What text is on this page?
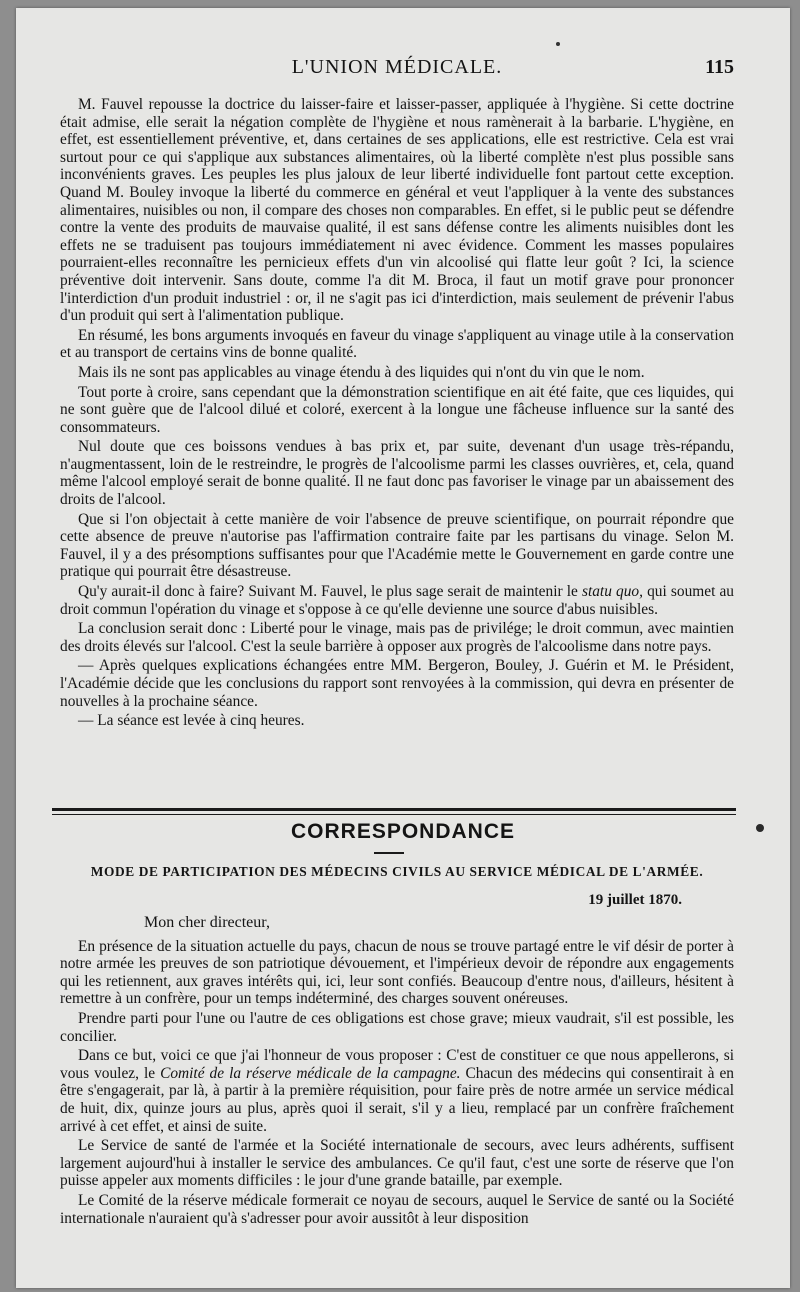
L'UNION MÉDICALE.	115

M. Fauvel repousse la doctrice du laisser-faire et laisser-passer, appliquée à l'hygiène. Si cette doctrine était admise, elle serait la négation complète de l'hygiène et nous ramènerait à la barbarie. L'hygiène, en effet, est essentiellement préventive, et, dans certaines de ses applications, elle est restrictive. Cela est vrai surtout pour ce qui s'applique aux substances alimentaires, où la liberté complète n'est plus possible sans inconvénients graves. Les peuples les plus jaloux de leur liberté individuelle font partout cette exception. Quand M. Bouley invoque la liberté du commerce en général et veut l'appliquer à la vente des substances alimentaires, nuisibles ou non, il compare des choses non comparables. En effet, si le public peut se défendre contre la vente des produits de mauvaise qualité, il est sans défense contre les aliments nuisibles dont les effets ne se traduisent pas toujours immédiatement ni avec évidence. Comment les masses populaires pourraient-elles reconnaître les pernicieux effets d'un vin alcoolisé qui flatte leur goût ? Ici, la science préventive doit intervenir. Sans doute, comme l'a dit M. Broca, il faut un motif grave pour prononcer l'interdiction d'un produit industriel : or, il ne s'agit pas ici d'interdiction, mais seulement de prévenir l'abus d'un produit qui sert à l'alimentation publique.

En résumé, les bons arguments invoqués en faveur du vinage s'appliquent au vinage utile à la conservation et au transport de certains vins de bonne qualité.

Mais ils ne sont pas applicables au vinage étendu à des liquides qui n'ont du vin que le nom.

Tout porte à croire, sans cependant que la démonstration scientifique en ait été faite, que ces liquides, qui ne sont guère que de l'alcool dilué et coloré, exercent à la longue une fâcheuse influence sur la santé des consommateurs.

Nul doute que ces boissons vendues à bas prix et, par suite, devenant d'un usage très-répandu, n'augmentassent, loin de le restreindre, le progrès de l'alcoolisme parmi les classes ouvrières, et, cela, quand même l'alcool employé serait de bonne qualité. Il ne faut donc pas favoriser le vinage par un abaissement des droits de l'alcool.

Que si l'on objectait à cette manière de voir l'absence de preuve scientifique, on pourrait répondre que cette absence de preuve n'autorise pas l'affirmation contraire faite par les partisans du vinage. Selon M. Fauvel, il y a des présomptions suffisantes pour que l'Académie mette le Gouvernement en garde contre une pratique qui pourrait être désastreuse.

Qu'y aurait-il donc à faire? Suivant M. Fauvel, le plus sage serait de maintenir le statu quo, qui soumet au droit commun l'opération du vinage et s'oppose à ce qu'elle devienne une source d'abus nuisibles.

La conclusion serait donc : Liberté pour le vinage, mais pas de privilége; le droit commun, avec maintien des droits élevés sur l'alcool. C'est la seule barrière à opposer aux progrès de l'alcoolisme dans notre pays.

— Après quelques explications échangées entre MM. Bergeron, Bouley, J. Guérin et M. le Président, l'Académie décide que les conclusions du rapport sont renvoyées à la commission, qui devra en présenter de nouvelles à la prochaine séance.

— La séance est levée à cinq heures.

CORRESPONDANCE
MODE DE PARTICIPATION DES MÉDECINS CIVILS AU SERVICE MÉDICAL DE L'ARMÉE.
19 juillet 1870.

Mon cher directeur,

En présence de la situation actuelle du pays, chacun de nous se trouve partagé entre le vif désir de porter à notre armée les preuves de son patriotique dévouement, et l'impérieux devoir de répondre aux engagements qui les retiennent, aux graves intérêts qui, ici, leur sont confiés. Beaucoup d'entre nous, d'ailleurs, hésitent à remettre à un confrère, pour un temps indéterminé, des charges souvent onéreuses.

Prendre parti pour l'une ou l'autre de ces obligations est chose grave; mieux vaudrait, s'il est possible, les concilier.

Dans ce but, voici ce que j'ai l'honneur de vous proposer : C'est de constituer ce que nous appellerons, si vous voulez, le Comité de la réserve médicale de la campagne. Chacun des médecins qui consentirait à en être s'engagerait, par là, à partir à la première réquisition, pour faire près de notre armée un service médical de huit, dix, quinze jours au plus, après quoi il serait, s'il y a lieu, remplacé par un confrère fraîchement arrivé à cet effet, et ainsi de suite.

Le Service de santé de l'armée et la Société internationale de secours, avec leurs adhérents, suffisent largement aujourd'hui à installer le service des ambulances. Ce qu'il faut, c'est une sorte de réserve que l'on puisse appeler aux moments difficiles : le jour d'une grande bataille, par exemple.

Le Comité de la réserve médicale formerait ce noyau de secours, auquel le Service de santé ou la Société internationale n'auraient qu'à s'adresser pour avoir aussitôt à leur disposition
